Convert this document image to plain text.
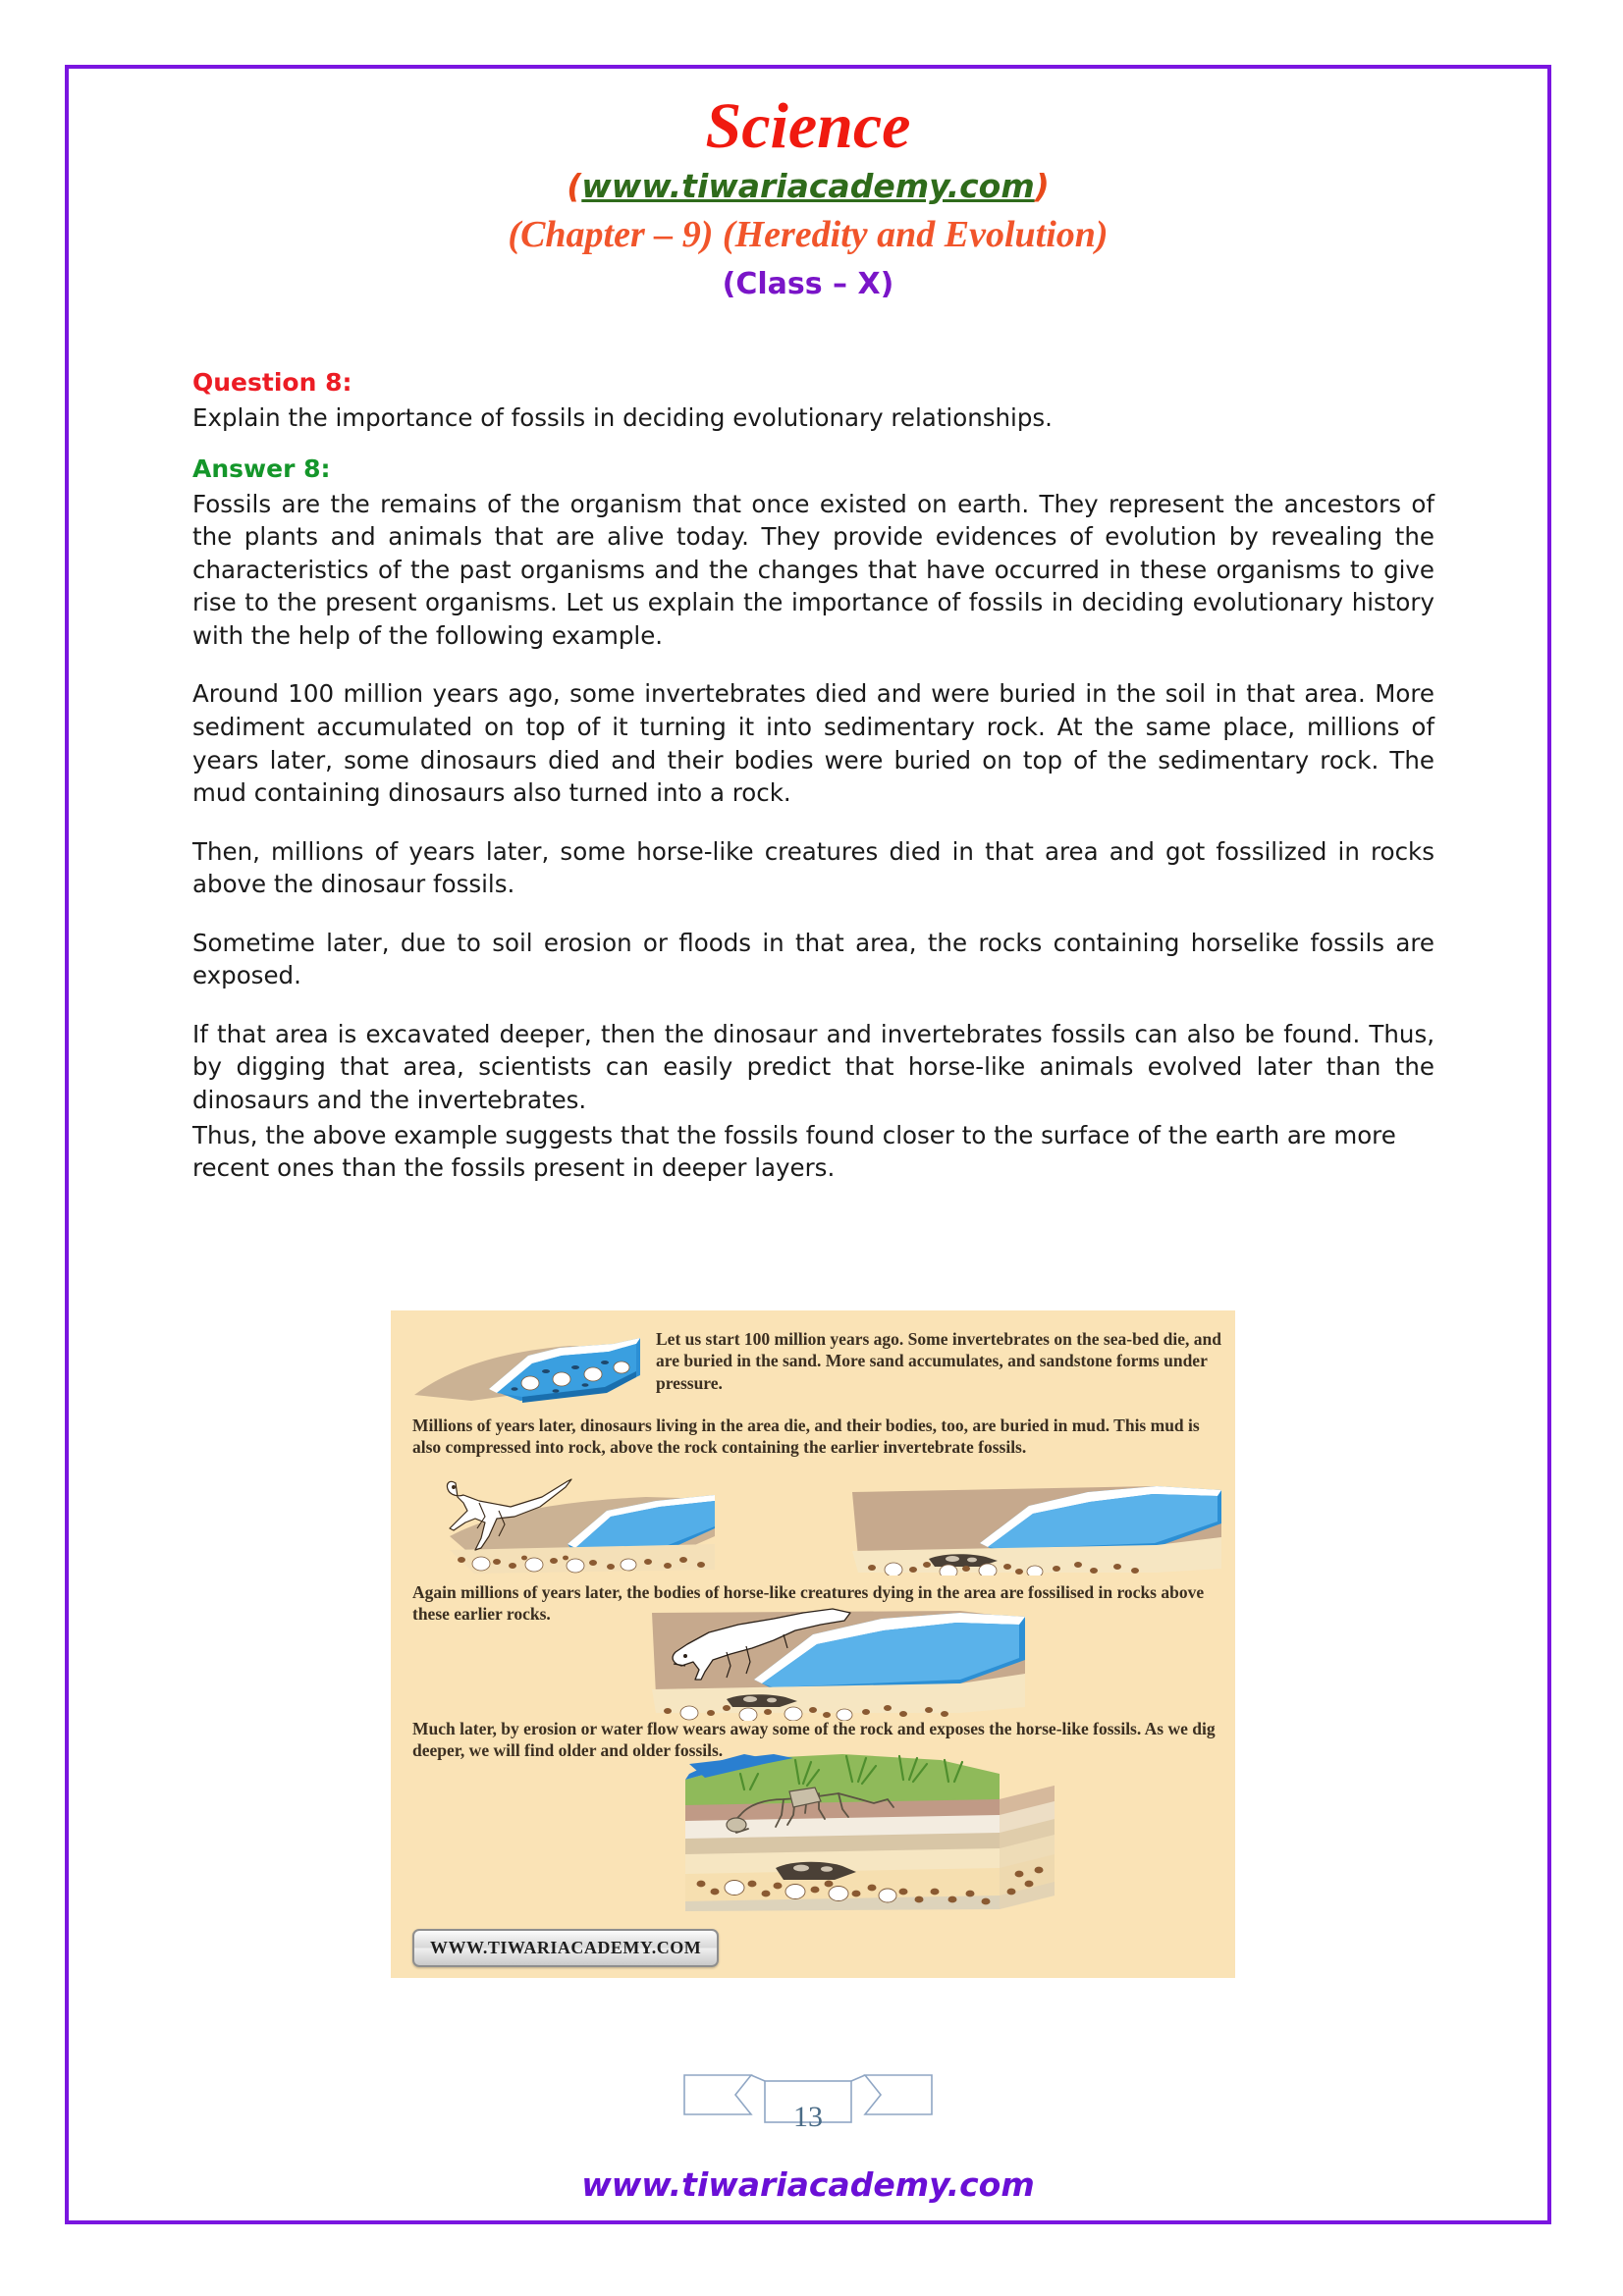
Science
(www.tiwariacademy.com)
(Chapter – 9) (Heredity and Evolution)
(Class – X)
Question 8:

Explain the importance of fossils in deciding evolutionary relationships.

Answer 8:

Fossils are the remains of the organism that once existed on earth. They represent the ancestors of the plants and animals that are alive today. They provide evidences of evolution by revealing the characteristics of the past organisms and the changes that have occurred in these organisms to give rise to the present organisms. Let us explain the importance of fossils in deciding evolutionary history with the help of the following example.

Around 100 million years ago, some invertebrates died and were buried in the soil in that area. More sediment accumulated on top of it turning it into sedimentary rock. At the same place, millions of years later, some dinosaurs died and their bodies were buried on top of the sedimentary rock. The mud containing dinosaurs also turned into a rock.

Then, millions of years later, some horse-like creatures died in that area and got fossilized in rocks above the dinosaur fossils.

Sometime later, due to soil erosion or floods in that area, the rocks containing horselike fossils are exposed.

If that area is excavated deeper, then the dinosaur and invertebrates fossils can also be found. Thus, by digging that area, scientists can easily predict that horse-like animals evolved later than the dinosaurs and the invertebrates.

Thus, the above example suggests that the fossils found closer to the surface of the earth are more recent ones than the fossils present in deeper layers.

Let us start 100 million years ago. Some invertebrates on the sea-bed die, and are buried in the sand. More sand accumulates, and sandstone forms under pressure.
Millions of years later, dinosaurs living in the area die, and their bodies, too, are buried in mud. This mud is also compressed into rock, above the rock containing the earlier invertebrate fossils.
Again millions of years later, the bodies of horse-like creatures dying in the area are fossilised in rocks above these earlier rocks.
Much later, by erosion or water flow wears away some of the rock and exposes the horse-like fossils. As we dig deeper, we will find older and older fossils.
WWW.TIWARIACADEMY.COM
13
www.tiwariacademy.com
